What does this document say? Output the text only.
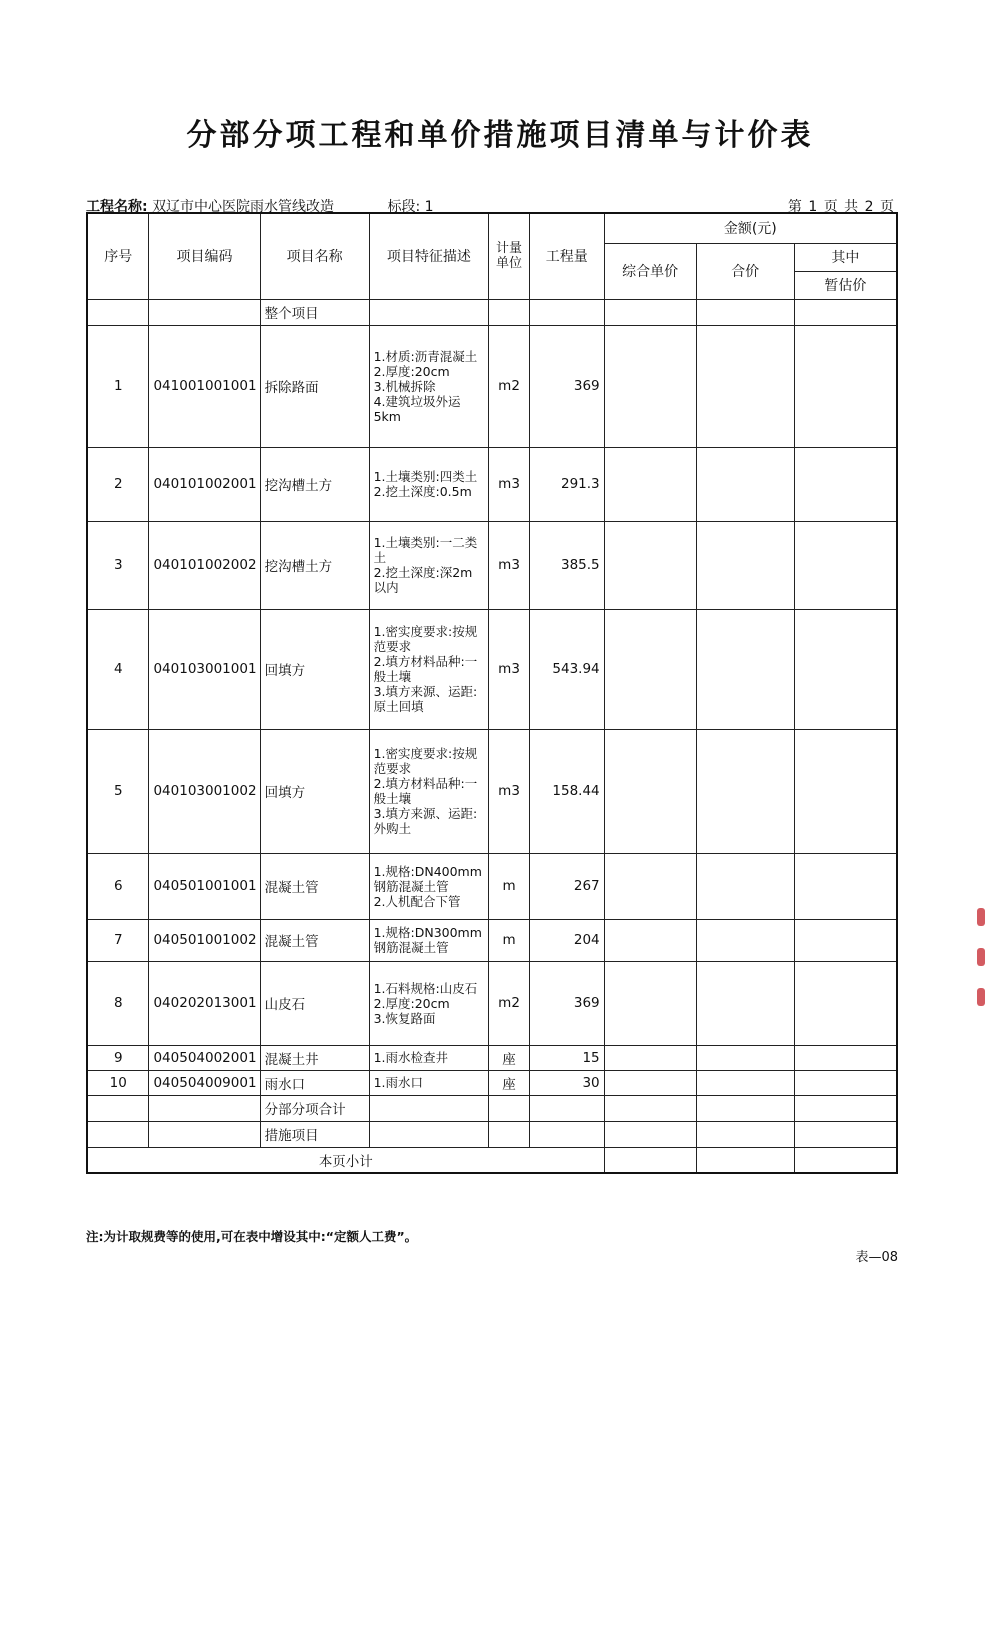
分部分项工程和单价措施项目清单与计价表
工程名称: 双辽市中心医院雨水管线改造	标段: 1	第 1 页 共 2 页
序号	项目编码	项目名称	项目特征描述	计量单位	工程量	金额(元)		
						综合单价	合价	其中
								暂估价
		整个项目						
1	041001001001	拆除路面	1.材质:沥青混凝土
2.厚度:20cm
3.机械拆除
4.建筑垃圾外运5km	m2	369			
2	040101002001	挖沟槽土方	1.土壤类别:四类土
2.挖土深度:0.5m	m3	291.3			
3	040101002002	挖沟槽土方	1.土壤类别:一二类土
2.挖土深度:深2m以内	m3	385.5			
4	040103001001	回填方	1.密实度要求:按规范要求
2.填方材料品种:一般土壤
3.填方来源、运距:原土回填	m3	543.94			
5	040103001002	回填方	1.密实度要求:按规范要求
2.填方材料品种:一般土壤
3.填方来源、运距:外购土	m3	158.44			
6	040501001001	混凝土管	1.规格:DN400mm钢筋混凝土管
2.人机配合下管	m	267			
7	040501001002	混凝土管	1.规格:DN300mm钢筋混凝土管	m	204			
8	040202013001	山皮石	1.石料规格:山皮石
2.厚度:20cm
3.恢复路面	m2	369			
9	040504002001	混凝土井	1.雨水检查井	座	15			
10	040504009001	雨水口	1.雨水口	座	30			
		分部分项合计						
		措施项目						
本页小计								
注:为计取规费等的使用,可在表中增设其中:“定额人工费”。
表—08
